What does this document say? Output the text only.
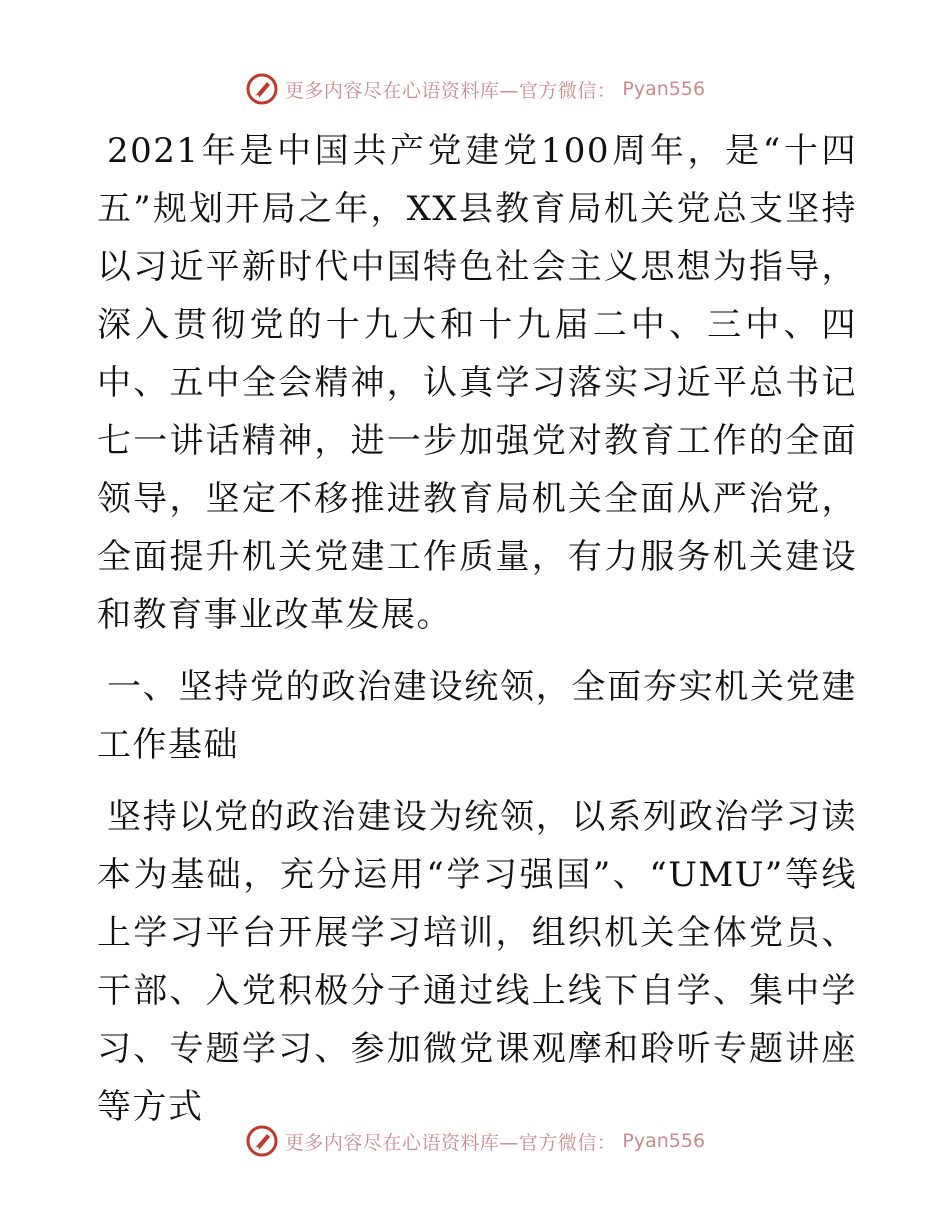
更多内容尽在心语资料库—官方微信： Pyan556

2021年是中国共产党建党100周年，是“十四五”规划开局之年，XX县教育局机关党总支坚持以习近平新时代中国特色社会主义思想为指导，深入贯彻党的十九大和十九届二中、三中、四中、五中全会精神，认真学习落实习近平总书记七一讲话精神，进一步加强党对教育工作的全面领导，坚定不移推进教育局机关全面从严治党，全面提升机关党建工作质量，有力服务机关建设和教育事业改革发展。

一、坚持党的政治建设统领，全面夯实机关党建工作基础

坚持以党的政治建设为统领，以系列政治学习读本为基础，充分运用“学习强国”、“UMU”等线上学习平台开展学习培训，组织机关全体党员、干部、入党积极分子通过线上线下自学、集中学习、专题学习、参加微党课观摩和聆听专题讲座等方式

更多内容尽在心语资料库—官方微信： Pyan556
